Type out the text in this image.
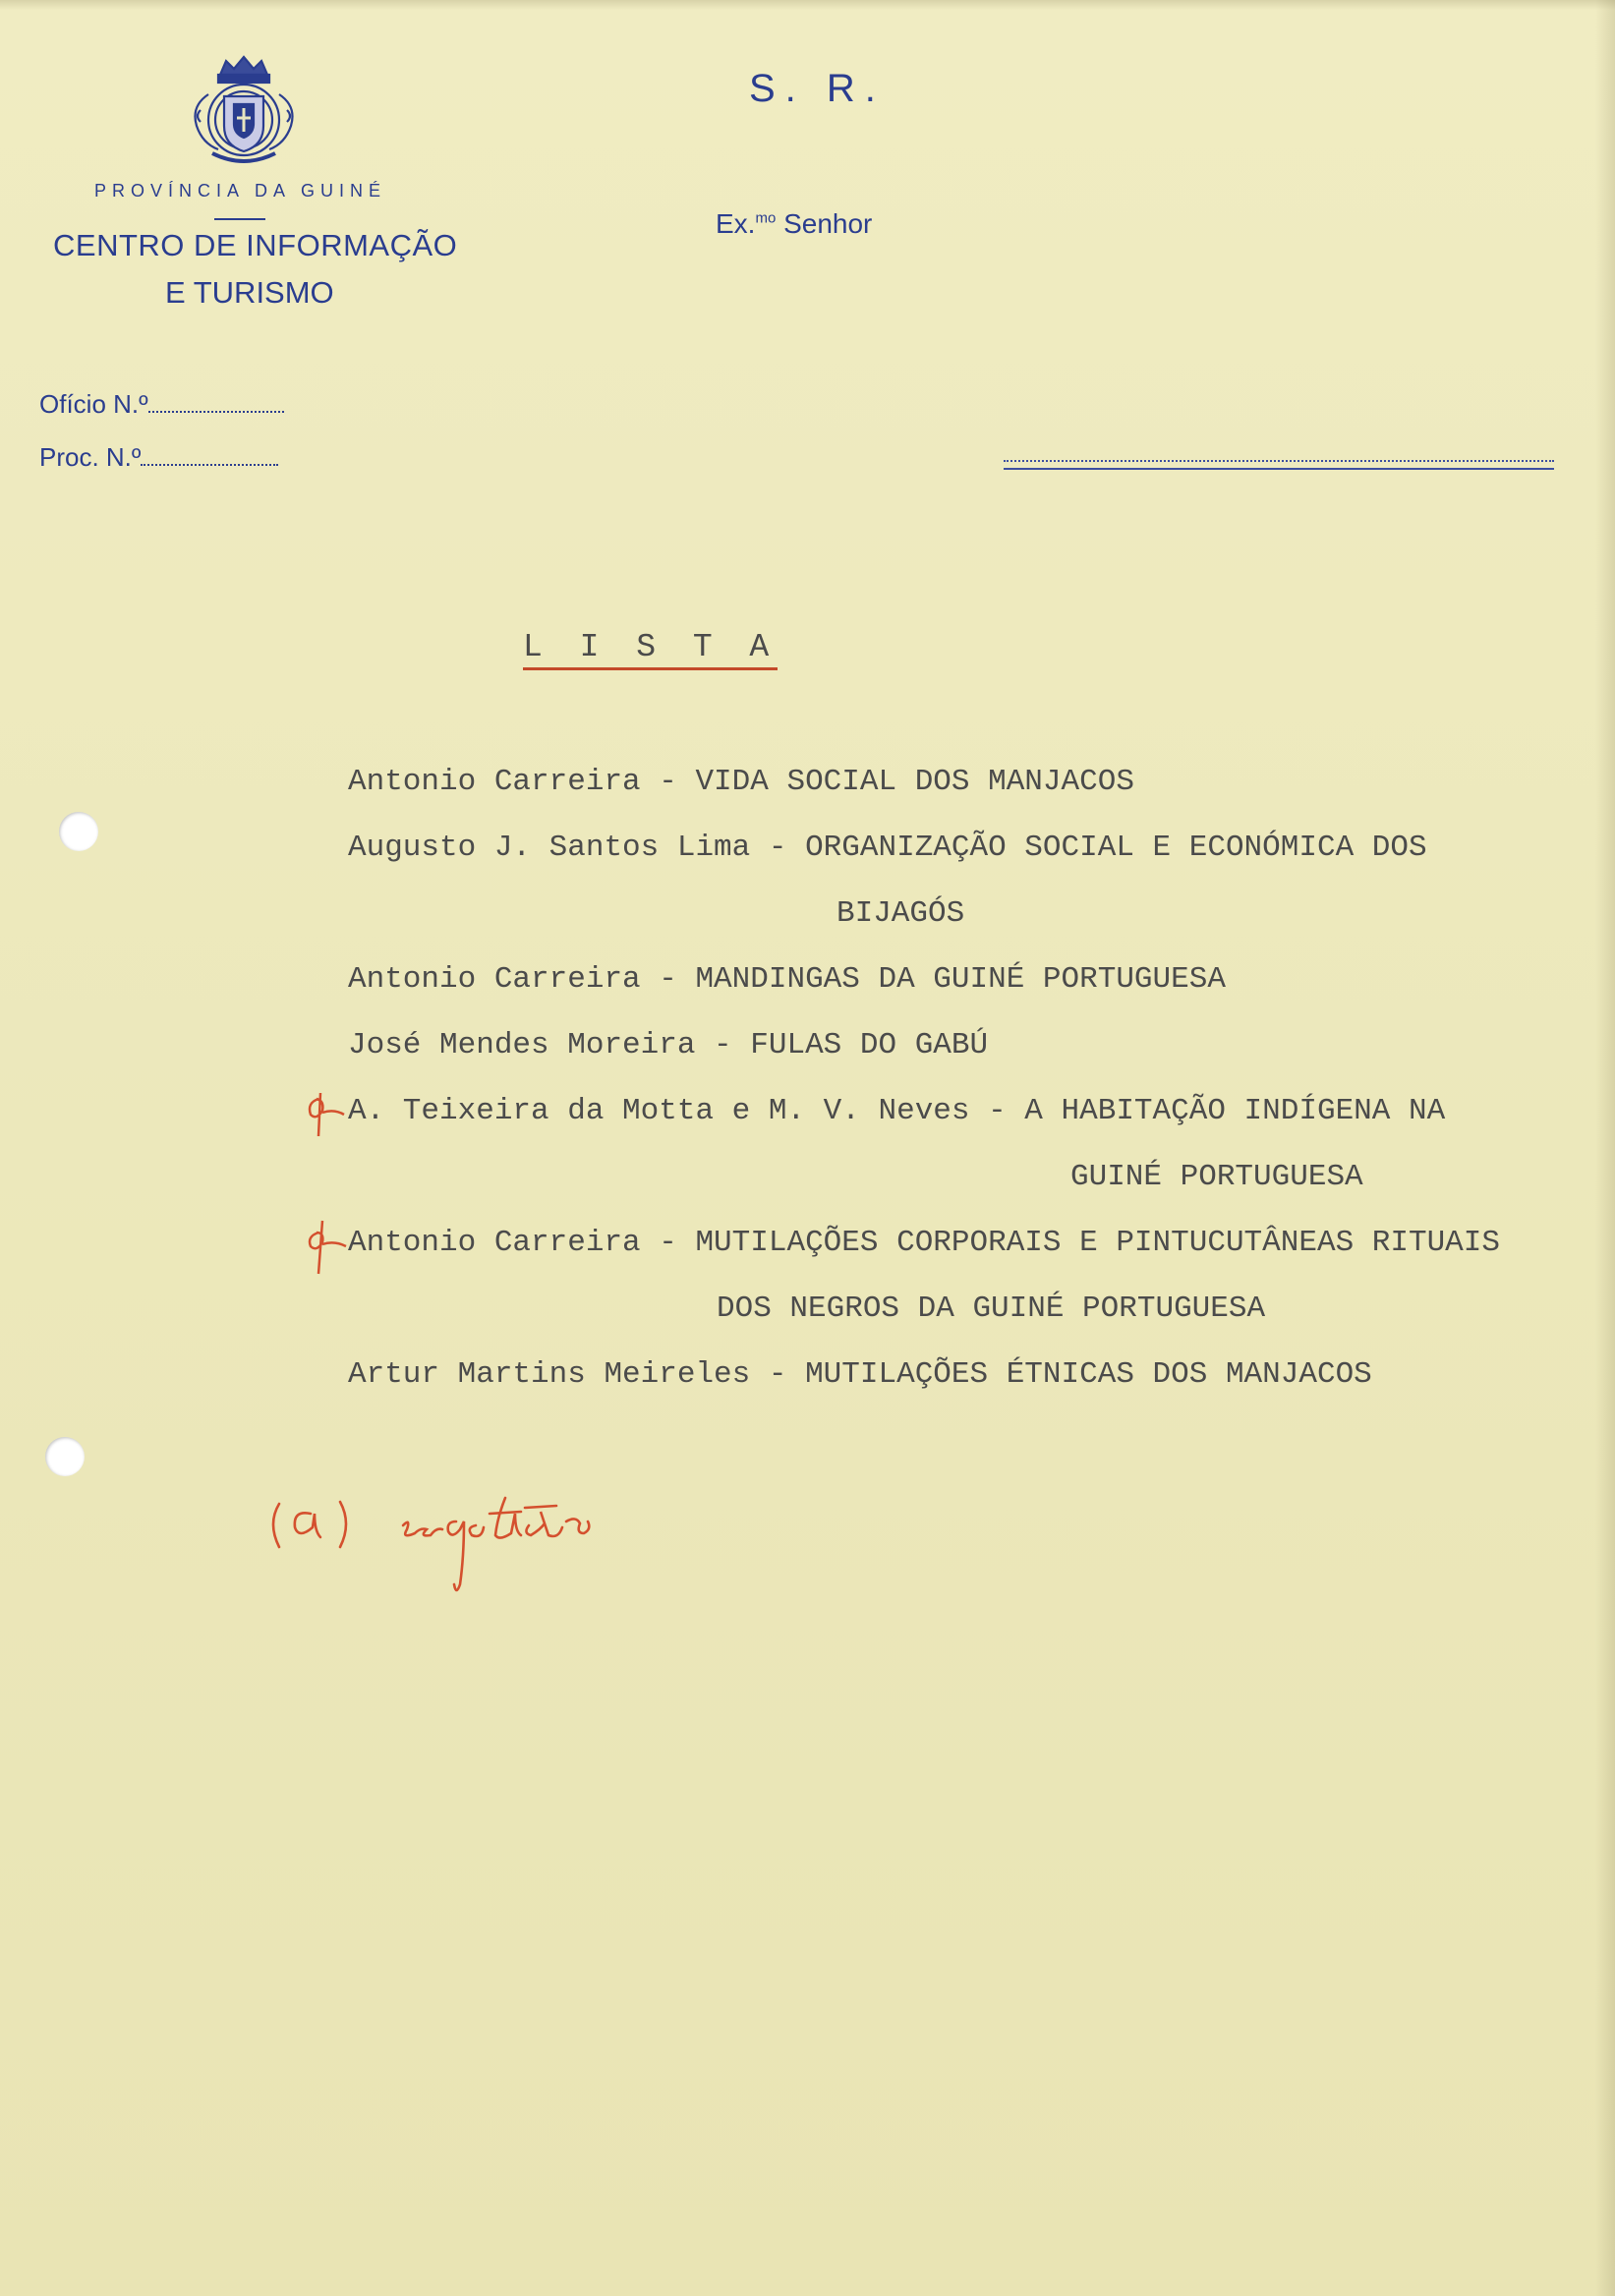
PROVÍNCIA DA GUINÉ
CENTRO DE INFORMAÇÃO
E TURISMO
S. R.
Ex.$^{mo}$ Senhor
Ofício N.º
Proc. N.º
L I S T A
Antonio Carreira - VIDA SOCIAL DOS MANJACOS
Augusto J. Santos Lima - ORGANIZAÇÃO SOCIAL E ECONÓMICA DOS
BIJAGÓS
Antonio Carreira - MANDINGAS DA GUINÉ PORTUGUESA
José Mendes Moreira - FULAS DO GABÚ
A. Teixeira da Motta e M. V. Neves - A HABITAÇÃO INDÍGENA NA
GUINÉ PORTUGUESA
Antonio Carreira - MUTILAÇÕES CORPORAIS E PINTUCUTÂNEAS RITUAIS
DOS NEGROS DA GUINÉ PORTUGUESA
Artur Martins Meireles - MUTILAÇÕES ÉTNICAS DOS MANJACOS
